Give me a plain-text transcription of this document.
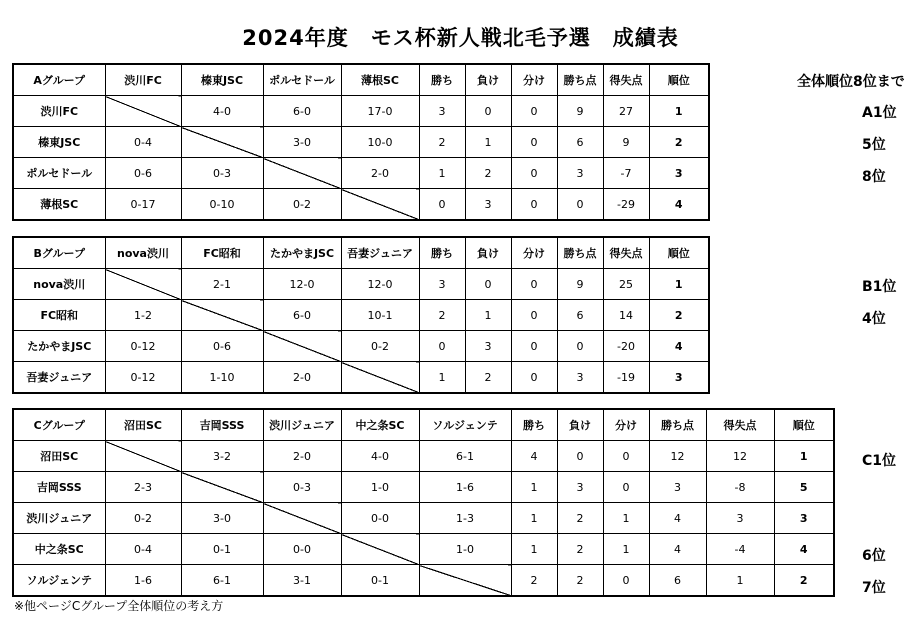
2024年度　モス杯新人戦北毛予選　成績表
全体順位8位まで
Aグループ	渋川FC	榛東JSC	ポルセドール	薄根SC	勝ち	負け	分け	勝ち点	得失点	順位
渋川FC		4-0	6-0	17-0	3	0	0	9	27	1
榛東JSC	0-4		3-0	10-0	2	1	0	6	9	2
ポルセドール	0-6	0-3		2-0	1	2	0	3	-7	3
薄根SC	0-17	0-10	0-2		0	3	0	0	-29	4
Bグループ	nova渋川	FC昭和	たかやまJSC	吾妻ジュニア	勝ち	負け	分け	勝ち点	得失点	順位
nova渋川		2-1	12-0	12-0	3	0	0	9	25	1
FC昭和	1-2		6-0	10-1	2	1	0	6	14	2
たかやまJSC	0-12	0-6		0-2	0	3	0	0	-20	4
吾妻ジュニア	0-12	1-10	2-0		1	2	0	3	-19	3
Cグループ	沼田SC	吉岡SSS	渋川ジュニア	中之条SC	ソルジェンテ	勝ち	負け	分け	勝ち点	得失点	順位
沼田SC		3-2	2-0	4-0	6-1	4	0	0	12	12	1
吉岡SSS	2-3		0-3	1-0	1-6	1	3	0	3	-8	5
渋川ジュニア	0-2	3-0		0-0	1-3	1	2	1	4	3	3
中之条SC	0-4	0-1	0-0		1-0	1	2	1	4	-4	4
ソルジェンテ	1-6	6-1	3-1	0-1		2	2	0	6	1	2
※他ページCグループ全体順位の考え方
A1位
5位
8位
B1位
4位
C1位
6位
7位
